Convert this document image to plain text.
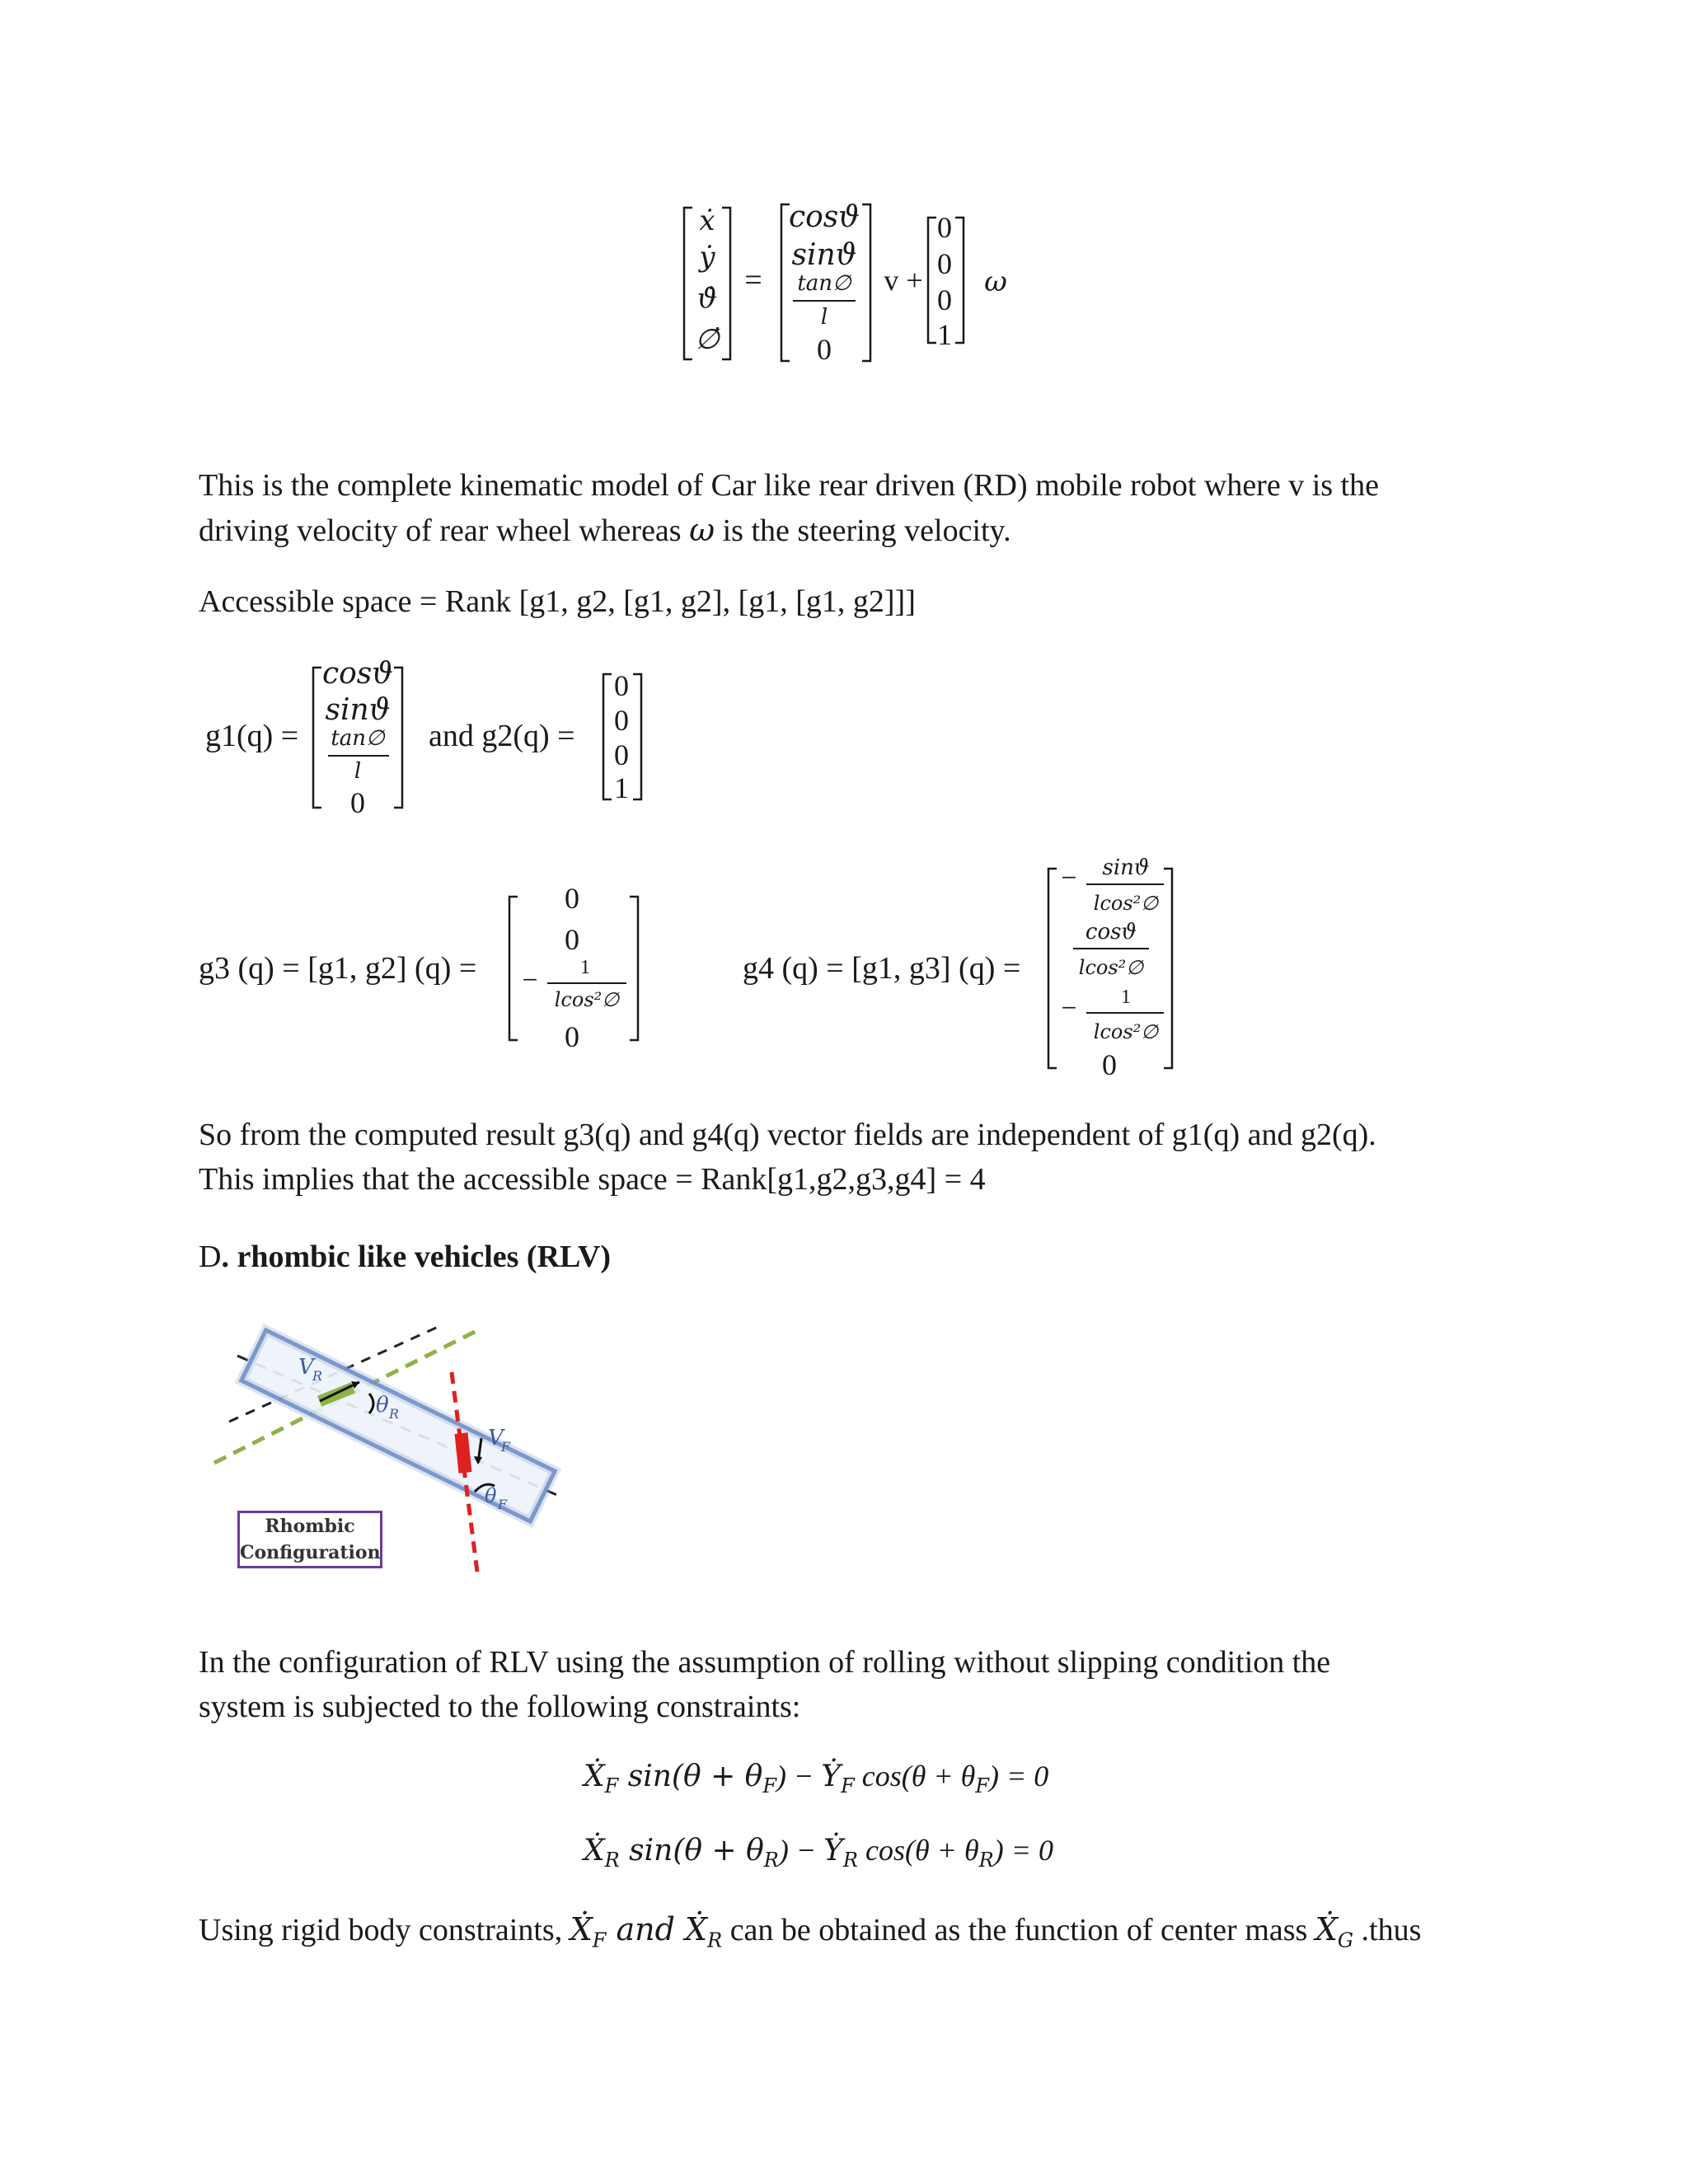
ẋ
ẏ
ϑ̇
∅̇
=
cosϑ
sinϑ
tan∅
l
0
v +
0
0
0
1
ω
This is the complete kinematic model of Car like rear driven (RD) mobile robot where v is the
driving velocity of rear wheel whereas ω is the steering velocity.
Accessible space = Rank [g1, g2, [g1, g2], [g1, [g1, g2]]]
g1(q) =
cosϑ
sinϑ
tan∅
l
0
and g2(q) =
0
0
0
1
g3 (q) = [g1, g2] (q) =
0
0
−	1
lcos²∅
0
g4 (q) = [g1, g3] (q) =
−	sinϑ
lcos²∅
cosϑ
lcos²∅
−	1
lcos²∅
0
So from the computed result g3(q) and g4(q) vector fields are independent of g1(q) and g2(q).
This implies that the accessible space = Rank[g1,g2,g3,g4] = 4
D. rhombic like vehicles (RLV)
V
R
θ R
V
F
θ F
Rhombic
Configuration
In the configuration of RLV using the assumption of rolling without slipping condition the
system is subjected to the following constraints:
Ẋ$_F$ $\sin(\theta + \theta_F)$ − Ẏ$_F$ $\cos(\theta + \theta_F) = 0$
Ẋ$_R$ $\sin(\theta + \theta_R)$ − Ẏ$_R$ $\cos(\theta + \theta_R) = 0$
Using rigid body constraints, Ẋ$_F$ and Ẋ$_R$ can be obtained as the function of center mass Ẋ$_G$ .thus
